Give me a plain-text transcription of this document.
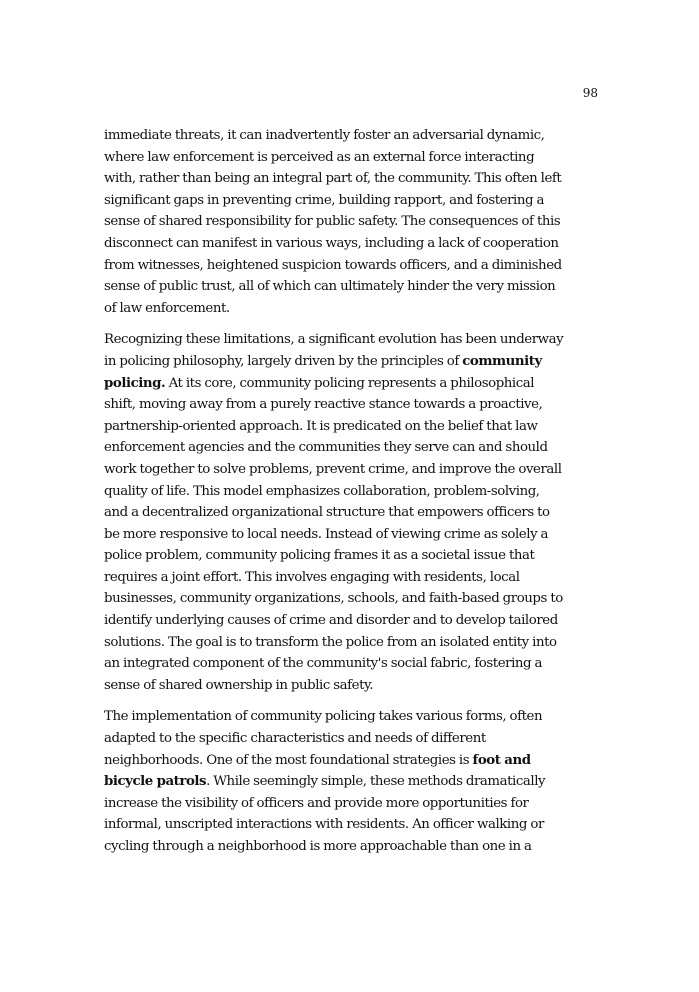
98

immediate threats, it can inadvertently foster an adversarial dynamic,
where law enforcement is perceived as an external force interacting
with, rather than being an integral part of, the community. This often left
significant gaps in preventing crime, building rapport, and fostering a
sense of shared responsibility for public safety. The consequences of this
disconnect can manifest in various ways, including a lack of cooperation
from witnesses, heightened suspicion towards officers, and a diminished
sense of public trust, all of which can ultimately hinder the very mission
of law enforcement.

Recognizing these limitations, a significant evolution has been underway
in policing philosophy, largely driven by the principles of community
policing. At its core, community policing represents a philosophical
shift, moving away from a purely reactive stance towards a proactive,
partnership-oriented approach. It is predicated on the belief that law
enforcement agencies and the communities they serve can and should
work together to solve problems, prevent crime, and improve the overall
quality of life. This model emphasizes collaboration, problem-solving,
and a decentralized organizational structure that empowers officers to
be more responsive to local needs. Instead of viewing crime as solely a
police problem, community policing frames it as a societal issue that
requires a joint effort. This involves engaging with residents, local
businesses, community organizations, schools, and faith-based groups to
identify underlying causes of crime and disorder and to develop tailored
solutions. The goal is to transform the police from an isolated entity into
an integrated component of the community's social fabric, fostering a
sense of shared ownership in public safety.

The implementation of community policing takes various forms, often
adapted to the specific characteristics and needs of different
neighborhoods. One of the most foundational strategies is foot and
bicycle patrols. While seemingly simple, these methods dramatically
increase the visibility of officers and provide more opportunities for
informal, unscripted interactions with residents. An officer walking or
cycling through a neighborhood is more approachable than one in a
